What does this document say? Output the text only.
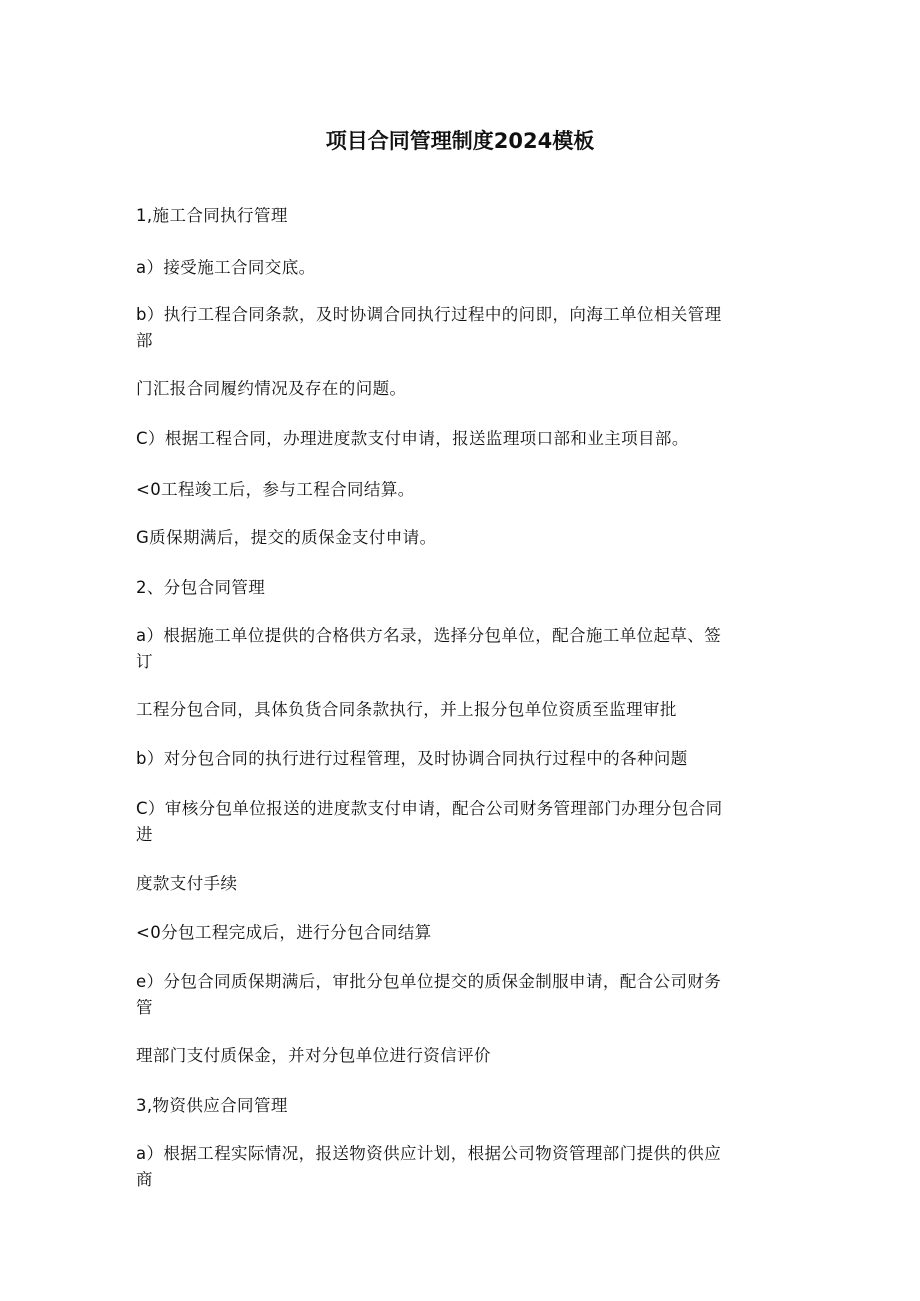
项目合同管理制度2024模板
1,施工合同执行管理
a）接受施工合同交底。
b）执行工程合同条款，及时协调合同执行过程中的问即，向海工单位相关管理
部
门汇报合同履约情况及存在的问题。
C）根据工程合同，办理进度款支付申请，报送监理项口部和业主项目部。
<0工程竣工后，参与工程合同结算。
G质保期满后，提交的质保金支付申请。
2、分包合同管理
a）根据施工单位提供的合格供方名录，选择分包单位，配合施工单位起草、签
订
工程分包合同，具体负货合同条款执行，并上报分包单位资质至监理审批
b）对分包合同的执行进行过程管理，及时协调合同执行过程中的各种问题
C）审核分包单位报送的进度款支付申请，配合公司财务管理部门办理分包合同
进
度款支付手续
<0分包工程完成后，进行分包合同结算
e）分包合同质保期满后，审批分包单位提交的质保金制服申请，配合公司财务
管
理部门支付质保金，并对分包单位进行资信评价
3,物资供应合同管理
a）根据工程实际情况，报送物资供应计划，根据公司物资管理部门提供的供应
商
